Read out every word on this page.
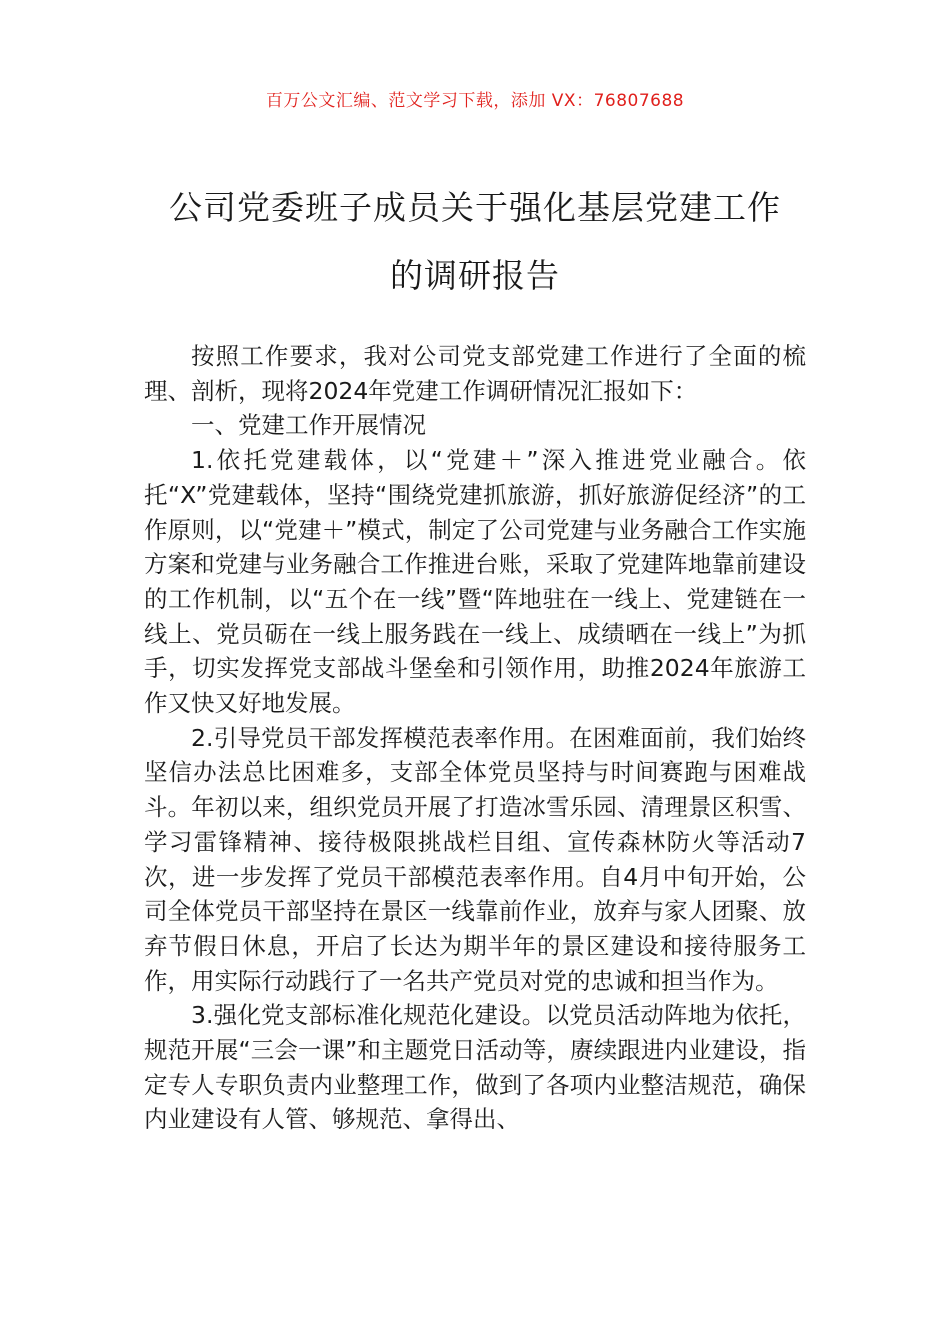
百万公文汇编、范文学习下载，添加 VX：76807688
公司党委班子成员关于强化基层党建工作
的调研报告

按照工作要求，我对公司党支部党建工作进行了全面的梳理、剖析，现将2024年党建工作调研情况汇报如下：

一、党建工作开展情况

1.依托党建载体，以“党建＋”深入推进党业融合。依托“X”党建载体，坚持“围绕党建抓旅游，抓好旅游促经济”的工作原则，以“党建＋”模式，制定了公司党建与业务融合工作实施方案和党建与业务融合工作推进台账，采取了党建阵地靠前建设的工作机制，以“五个在一线”暨“阵地驻在一线上、党建链在一线上、党员砺在一线上服务践在一线上、成绩晒在一线上”为抓手，切实发挥党支部战斗堡垒和引领作用，助推2024年旅游工作又快又好地发展。

2.引导党员干部发挥模范表率作用。在困难面前，我们始终坚信办法总比困难多，支部全体党员坚持与时间赛跑与困难战斗。年初以来，组织党员开展了打造冰雪乐园、清理景区积雪、学习雷锋精神、接待极限挑战栏目组、宣传森林防火等活动7次，进一步发挥了党员干部模范表率作用。自4月中旬开始，公司全体党员干部坚持在景区一线靠前作业，放弃与家人团聚、放弃节假日休息，开启了长达为期半年的景区建设和接待服务工作，用实际行动践行了一名共产党员对党的忠诚和担当作为。

3.强化党支部标准化规范化建设。以党员活动阵地为依托，规范开展“三会一课”和主题党日活动等，赓续跟进内业建设，指定专人专职负责内业整理工作，做到了各项内业整洁规范，确保内业建设有人管、够规范、拿得出、
